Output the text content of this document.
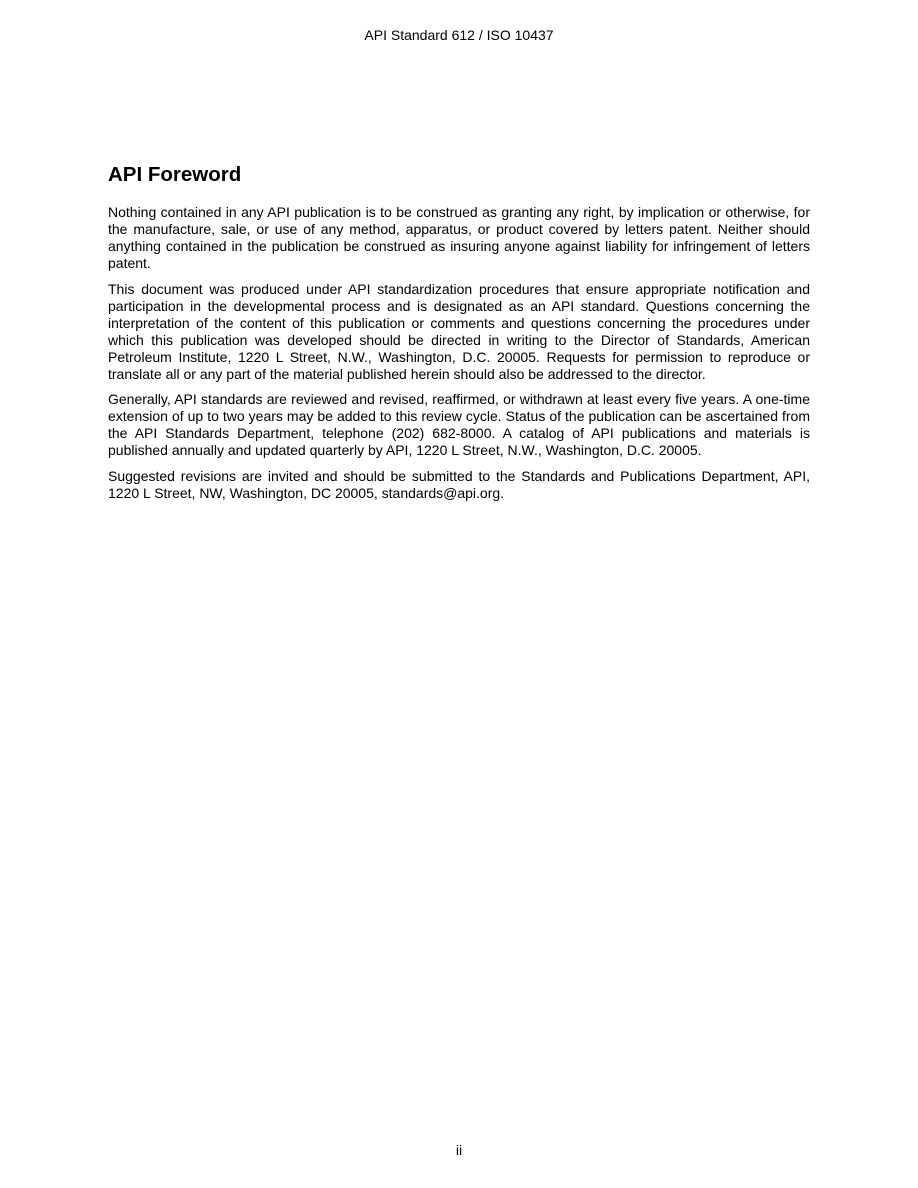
API Standard 612 / ISO 10437
API Foreword

Nothing contained in any API publication is to be construed as granting any right, by implication or otherwise, for the manufacture, sale, or use of any method, apparatus, or product covered by letters patent. Neither should anything contained in the publication be construed as insuring anyone against liability for infringement of letters patent.

This document was produced under API standardization procedures that ensure appropriate notification and participation in the developmental process and is designated as an API standard. Questions concerning the interpretation of the content of this publication or comments and questions concerning the procedures under which this publication was developed should be directed in writing to the Director of Standards, American Petroleum Institute, 1220 L Street, N.W., Washington, D.C. 20005. Requests for permission to reproduce or translate all or any part of the material published herein should also be addressed to the director.

Generally, API standards are reviewed and revised, reaffirmed, or withdrawn at least every five years. A one-time extension of up to two years may be added to this review cycle. Status of the publication can be ascertained from the API Standards Department, telephone (202) 682-8000. A catalog of API publications and materials is published annually and updated quarterly by API, 1220 L Street, N.W., Washington, D.C. 20005.

Suggested revisions are invited and should be submitted to the Standards and Publications Department, API, 1220 L Street, NW, Washington, DC 20005, standards@api.org.

ii
